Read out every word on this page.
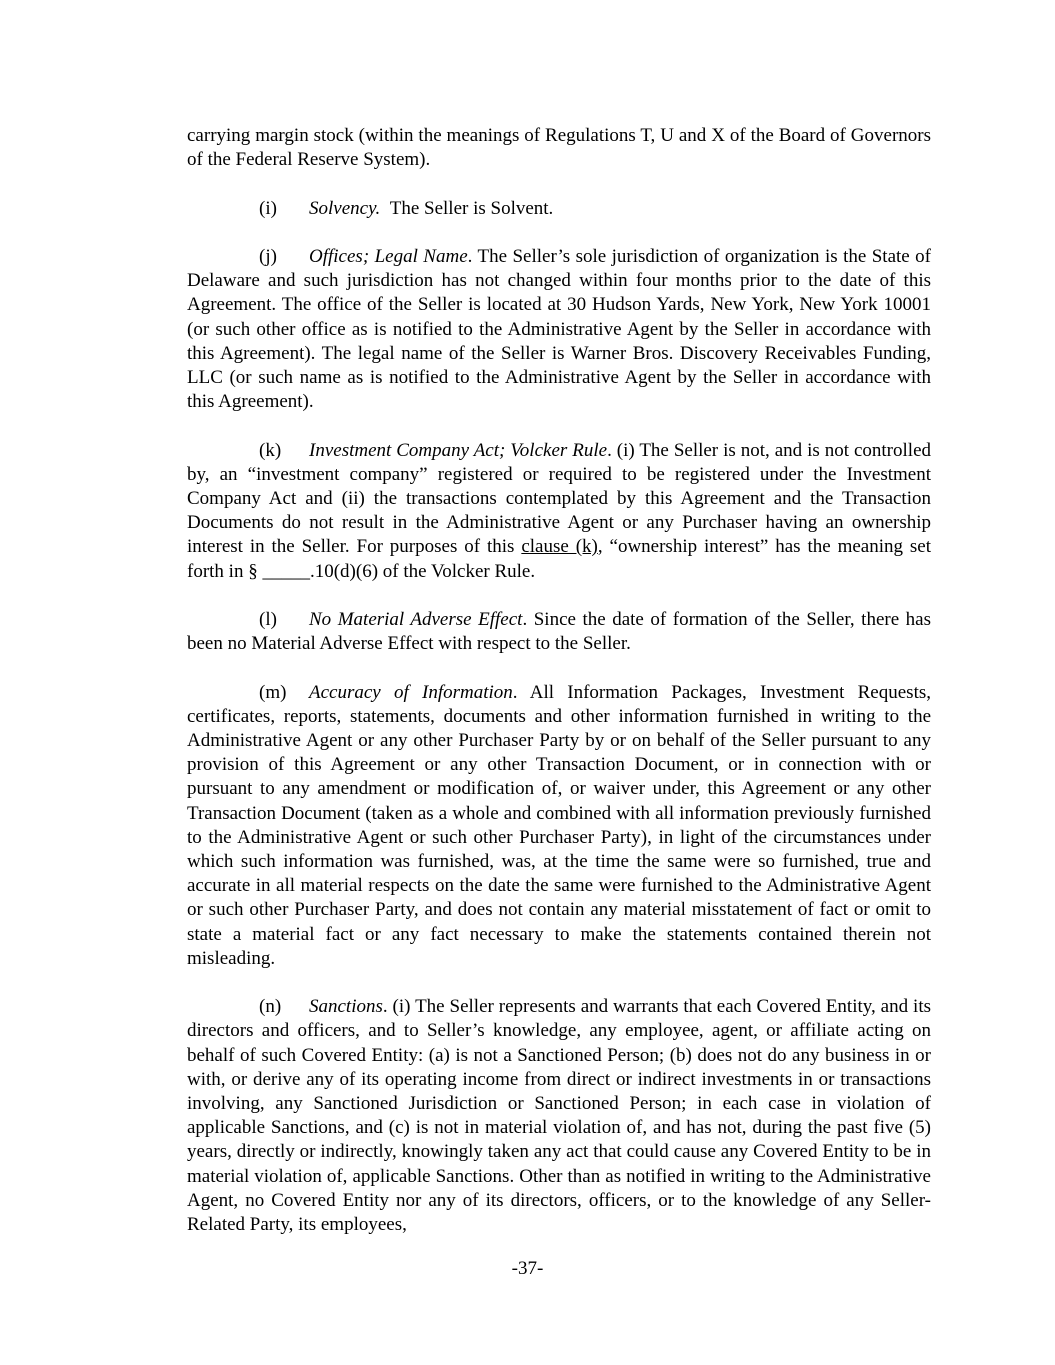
carrying margin stock (within the meanings of Regulations T, U and X of the Board of Governors of the Federal Reserve System).

(i) Solvency. The Seller is Solvent.

(j) Offices; Legal Name. The Seller’s sole jurisdiction of organization is the State of Delaware and such jurisdiction has not changed within four months prior to the date of this Agreement. The office of the Seller is located at 30 Hudson Yards, New York, New York 10001 (or such other office as is notified to the Administrative Agent by the Seller in accordance with this Agreement). The legal name of the Seller is Warner Bros. Discovery Receivables Funding, LLC (or such name as is notified to the Administrative Agent by the Seller in accordance with this Agreement).

(k) Investment Company Act; Volcker Rule. (i) The Seller is not, and is not controlled by, an “investment company” registered or required to be registered under the Investment Company Act and (ii) the transactions contemplated by this Agreement and the Transaction Documents do not result in the Administrative Agent or any Purchaser having an ownership interest in the Seller. For purposes of this clause (k), “ownership interest” has the meaning set forth in § _____.10(d)(6) of the Volcker Rule.

(l) No Material Adverse Effect. Since the date of formation of the Seller, there has been no Material Adverse Effect with respect to the Seller.

(m) Accuracy of Information. All Information Packages, Investment Requests, certificates, reports, statements, documents and other information furnished in writing to the Administrative Agent or any other Purchaser Party by or on behalf of the Seller pursuant to any provision of this Agreement or any other Transaction Document, or in connection with or pursuant to any amendment or modification of, or waiver under, this Agreement or any other Transaction Document (taken as a whole and combined with all information previously furnished to the Administrative Agent or such other Purchaser Party), in light of the circumstances under which such information was furnished, was, at the time the same were so furnished, true and accurate in all material respects on the date the same were furnished to the Administrative Agent or such other Purchaser Party, and does not contain any material misstatement of fact or omit to state a material fact or any fact necessary to make the statements contained therein not misleading.

(n) Sanctions. (i) The Seller represents and warrants that each Covered Entity, and its directors and officers, and to Seller’s knowledge, any employee, agent, or affiliate acting on behalf of such Covered Entity: (a) is not a Sanctioned Person; (b) does not do any business in or with, or derive any of its operating income from direct or indirect investments in or transactions involving, any Sanctioned Jurisdiction or Sanctioned Person; in each case in violation of applicable Sanctions, and (c) is not in material violation of, and has not, during the past five (5) years, directly or indirectly, knowingly taken any act that could cause any Covered Entity to be in material violation of, applicable Sanctions. Other than as notified in writing to the Administrative Agent, no Covered Entity nor any of its directors, officers, or to the knowledge of any Seller-Related Party, its employees,

-37-
